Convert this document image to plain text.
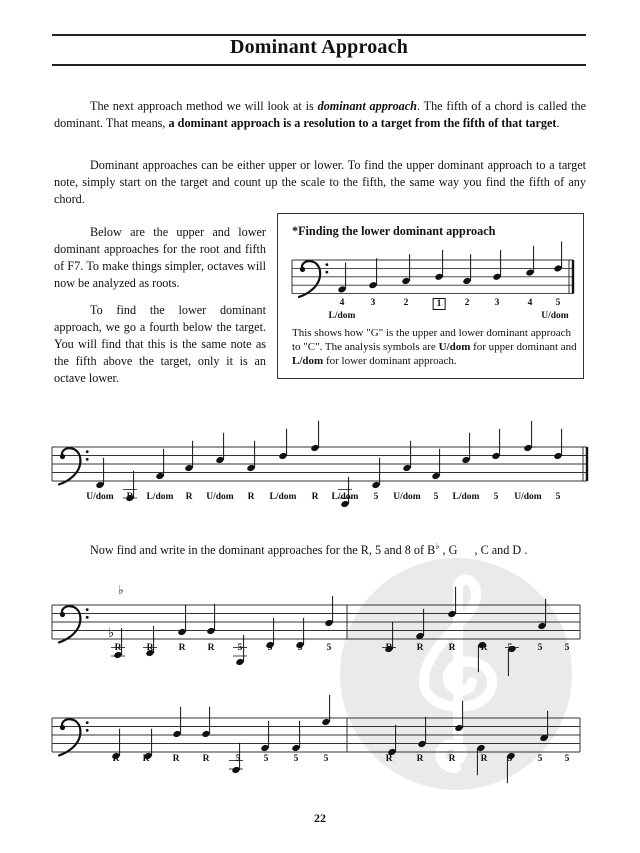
Dominant Approach

The next approach method we will look at is dominant approach. The fifth of a chord is called the dominant. That means, a dominant approach is a resolution to a target from the fifth of that target.

Dominant approaches can be either upper or lower. To find the upper dominant approach to a target note, simply start on the target and count up the scale to the fifth, the same way you find the fifth of any chord.

Below are the upper and lower dominant approaches for the root and fifth of F7. To make things simpler, octaves will now be analyzed as roots.

To find the lower dominant approach, we go a fourth below the target. You will find that this is the same note as the fifth above the target, only it is an octave lower.

*Finding the lower dominant approach
4	3	2	1	2	3	4 5
L/dom	U/dom

This shows how "G" is the upper and lower dominant approach to "C". The analysis symbols are U/dom for upper dominant and L/dom for lower dominant approach.

U/dom R L/dom R U/dom R L/dom R L/dom 5 U/dom 5 L/dom 5 U/dom 5
Now find and write in the dominant approaches for the R, 5 and 8 of B♭ , G , C and D .
♭
♭
R	R	R R 5	5	5	5	R	R	R	R 5	5 5
R R R R	5 5	5	5	R	R	R	R 5	5 5
22
